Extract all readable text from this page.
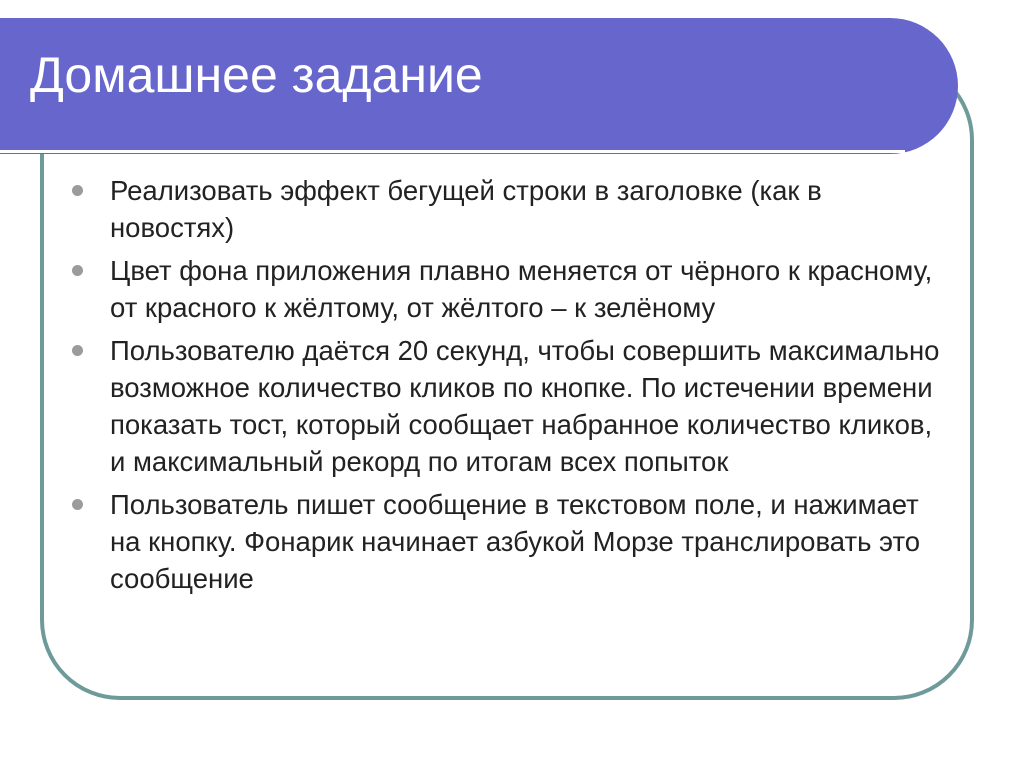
Домашнее задание
Реализовать эффект бегущей строки в заголовке (как в новостях)
Цвет фона приложения плавно меняется от чёрного к красному, от красного к жёлтому, от жёлтого – к зелёному
Пользователю даётся 20 секунд, чтобы совершить максимально возможное количество кликов по кнопке. По истечении времени показать тост, который сообщает набранное количество кликов, и максимальный рекорд по итогам всех попыток
Пользователь пишет сообщение в текстовом поле, и нажимает на кнопку. Фонарик начинает азбукой Морзе транслировать это сообщение
